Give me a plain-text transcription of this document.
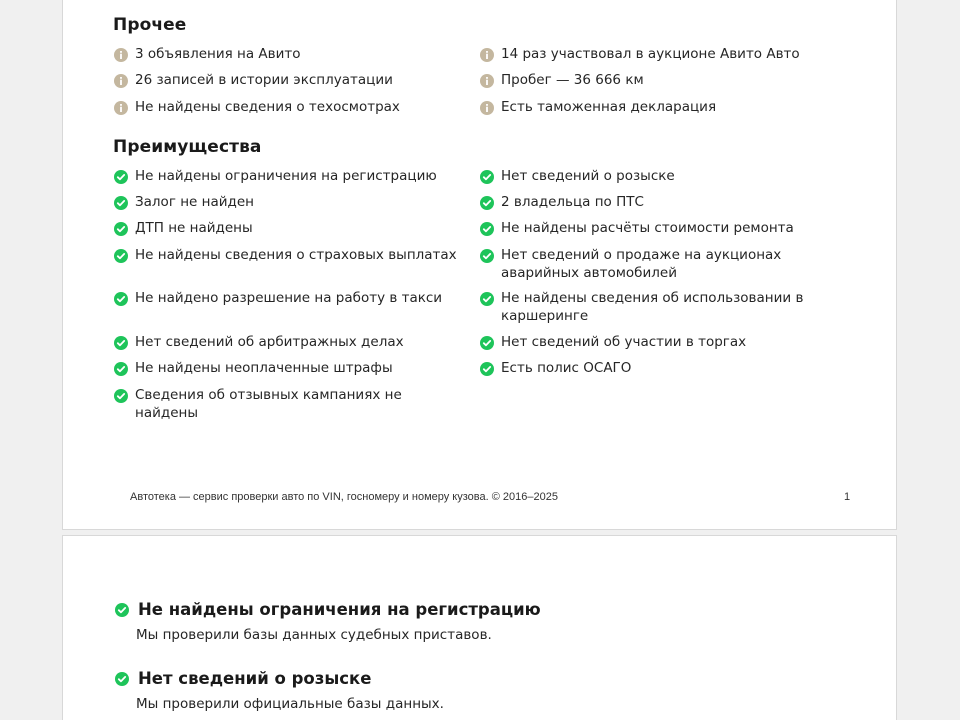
Прочее
3 объявления на Авито
26 записей в истории эксплуатации
Не найдены сведения о техосмотрах
14 раз участвовал в аукционе Авито Авто
Пробег — 36 666 км
Есть таможенная декларация
Преимущества
Не найдены ограничения на регистрацию
Залог не найден
ДТП не найдены
Не найдены сведения о страховых выплатах
Не найдено разрешение на работу в такси
Нет сведений об арбитражных делах
Не найдены неоплаченные штрафы
Сведения об отзывных кампаниях не найдены
Нет сведений о розыске
2 владельца по ПТС
Не найдены расчёты стоимости ремонта
Нет сведений о продаже на аукционах аварийных автомобилей
Не найдены сведения об использовании в каршеринге
Нет сведений об участии в торгах
Есть полис ОСАГО
Автотека — сервис проверки авто по VIN, госномеру и номеру кузова. © 2016–2025	1
Не найдены ограничения на регистрацию
Мы проверили базы данных судебных приставов.
Нет сведений о розыске
Мы проверили официальные базы данных.
